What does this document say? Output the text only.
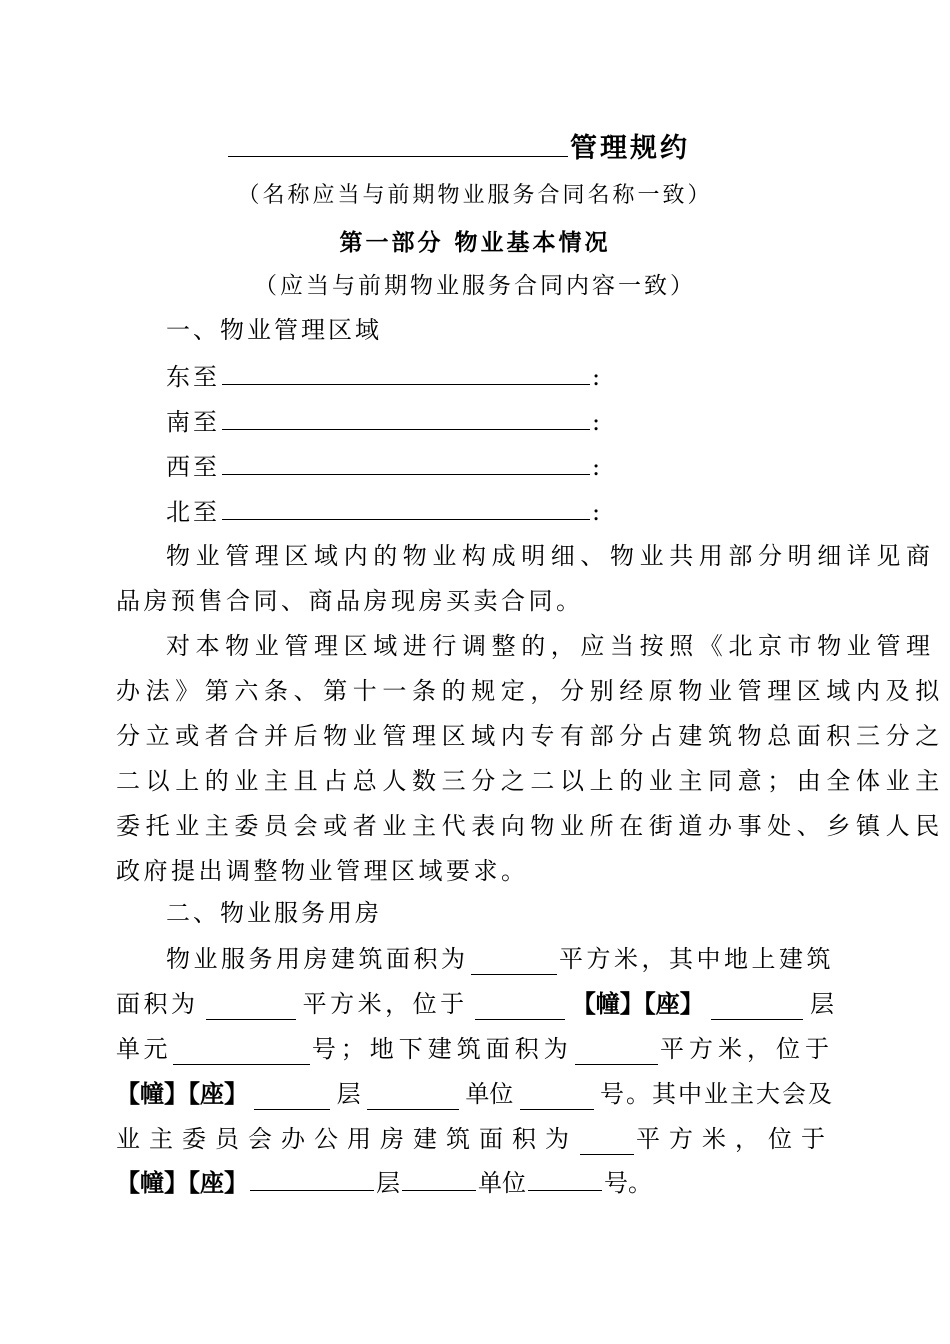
管理规约
（名称应当与前期物业服务合同名称一致）
第一部分 物业基本情况
（应当与前期物业服务合同内容一致）
一、物业管理区域
东至	:
南至	:
西至	:
北至	:
物业管理区域内的物业构成明细、物业共用部分明细详见商
品房预售合同、商品房现房买卖合同。
对本物业管理区域进行调整的，应当按照《北京市物业管理
办法》第六条、第十一条的规定，分别经原物业管理区域内及拟
分立或者合并后物业管理区域内专有部分占建筑物总面积三分之
二以上的业主且占总人数三分之二以上的业主同意；由全体业主
委托业主委员会或者业主代表向物业所在街道办事处、乡镇人民
政府提出调整物业管理区域要求。
二、物业服务用房
物业服务用房建筑面积为	平方米，其中地上建筑
面积为	平方米，位于	【幢】【座】	层
单元	号；地下建筑面积为	平方米，位于
【幢】【座】	层	单位	号。其中业主大会及
业主委员会办公用房建筑面积为 平方米，位于
【幢】【座】	层	单位	号。
